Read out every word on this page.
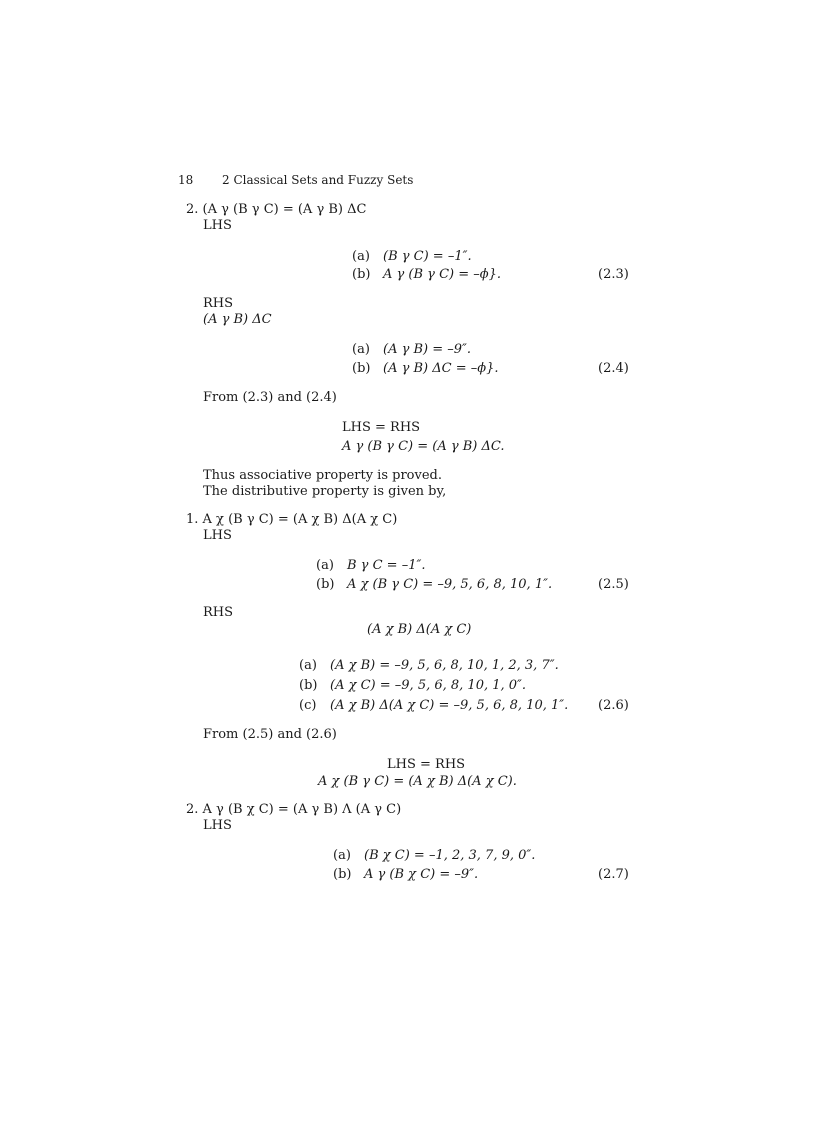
18 2 Classical Sets and Fuzzy Sets
2. (A γ (B γ C) = (A γ B) ΔC
LHS
(a) (B γ C) = –1″.
(b) A γ (B γ C) = –ϕ}.	(2.3)
RHS
(A γ B) ΔC
(a) (A γ B) = –9″.
(b) (A γ B) ΔC = –ϕ}.	(2.4)
From (2.3) and (2.4)
LHS = RHS
A γ (B γ C) = (A γ B) ΔC.
Thus associative property is proved.
The distributive property is given by,
1. A χ (B γ C) = (A χ B) Δ(A χ C)
LHS
(a) B γ C = –1″.
(b) A χ (B γ C) = –9, 5, 6, 8, 10, 1″.	(2.5)
RHS
(A χ B) Δ(A χ C)
(a) (A χ B) = –9, 5, 6, 8, 10, 1, 2, 3, 7″.
(b) (A χ C) = –9, 5, 6, 8, 10, 1, 0″.
(c) (A χ B) Δ(A χ C) = –9, 5, 6, 8, 10, 1″. (2.6)
From (2.5) and (2.6)
LHS = RHS
A χ (B γ C) = (A χ B) Δ(A χ C).
2. A γ (B χ C) = (A γ B) Λ (A γ C)
LHS
(a) (B χ C) = –1, 2, 3, 7, 9, 0″.
(b) A γ (B χ C) = –9″.	(2.7)
